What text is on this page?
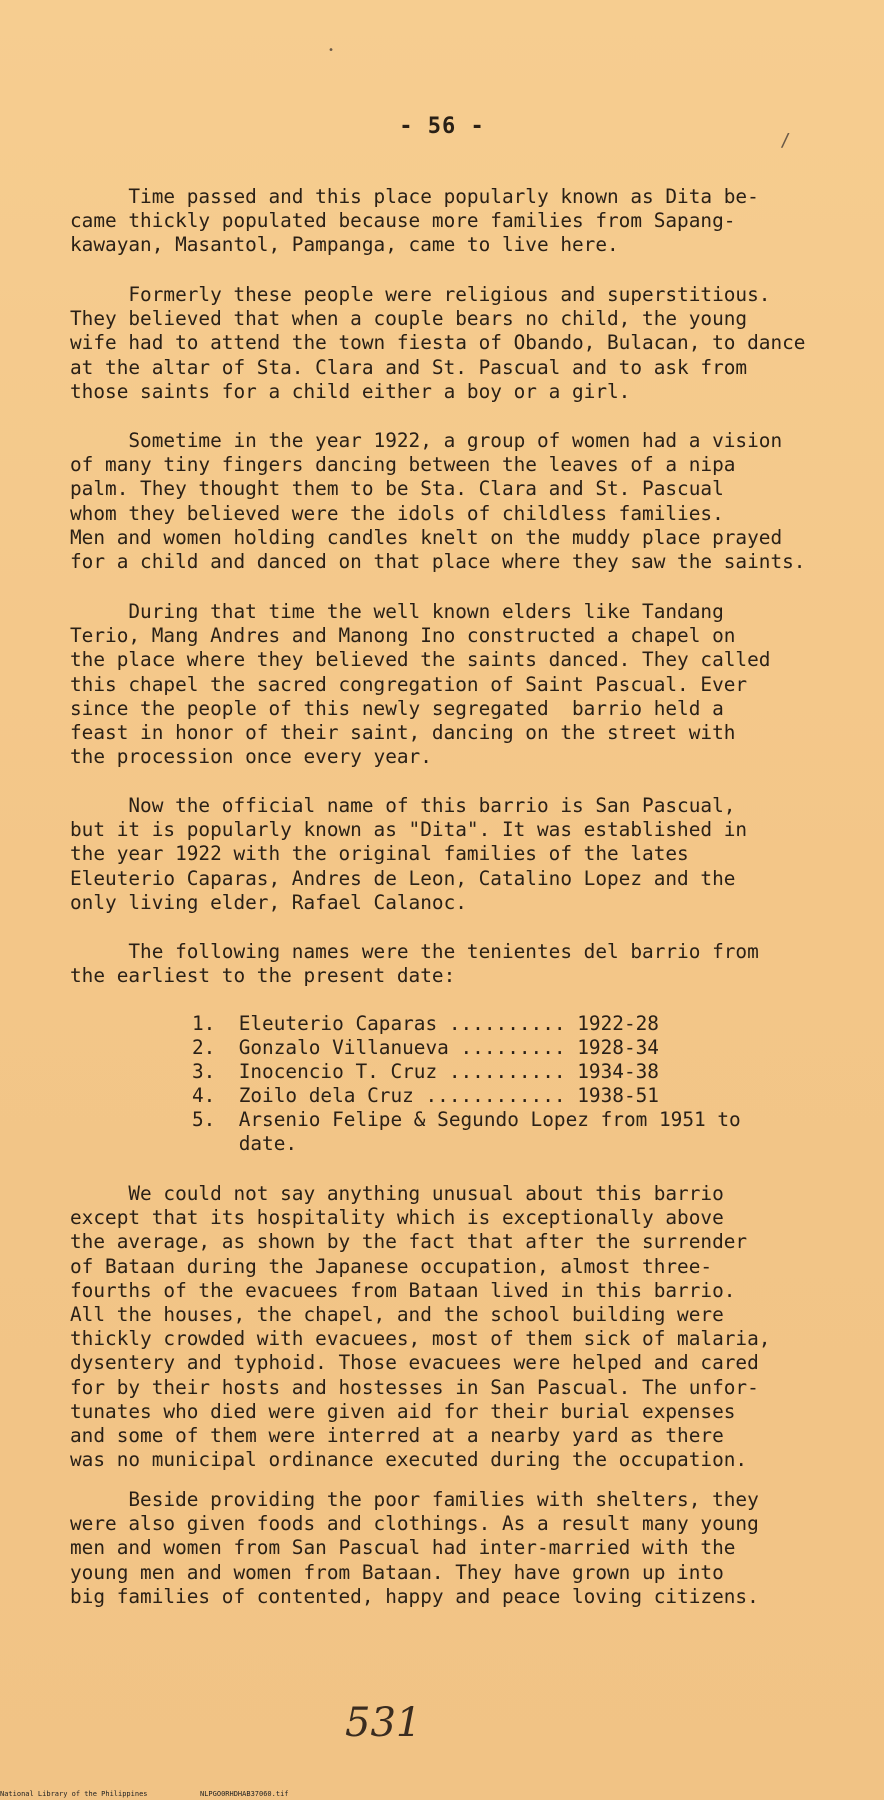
- 56 -

Time passed and this place popularly known as Dita be-
came thickly populated because more families from Sapang-
kawayan, Masantol, Pampanga, came to live here.

Formerly these people were religious and superstitious.
They believed that when a couple bears no child, the young
wife had to attend the town fiesta of Obando, Bulacan, to dance
at the altar of Sta. Clara and St. Pascual and to ask from
those saints for a child either a boy or a girl.

Sometime in the year 1922, a group of women had a vision
of many tiny fingers dancing between the leaves of a nipa
palm. They thought them to be Sta. Clara and St. Pascual
whom they believed were the idols of childless families.
Men and women holding candles knelt on the muddy place prayed
for a child and danced on that place where they saw the saints.

During that time the well known elders like Tandang
Terio, Mang Andres and Manong Ino constructed a chapel on
the place where they believed the saints danced. They called
this chapel the sacred congregation of Saint Pascual. Ever
since the people of this newly segregated  barrio held a
feast in honor of their saint, dancing on the street with
the procession once every year.

Now the official name of this barrio is San Pascual,
but it is popularly known as "Dita". It was established in
the year 1922 with the original families of the lates
Eleuterio Caparas, Andres de Leon, Catalino Lopez and the
only living elder, Rafael Calanoc.

The following names were the tenientes del barrio from
the earliest to the present date:

1.  Eleuterio Caparas .......... 1922-28

2.  Gonzalo Villanueva ......... 1928-34

3.  Inocencio T. Cruz .......... 1934-38

4.  Zoilo dela Cruz ............ 1938-51

5.  Arsenio Felipe & Segundo Lopez from 1951 to
date.

We could not say anything unusual about this barrio
except that its hospitality which is exceptionally above
the average, as shown by the fact that after the surrender
of Bataan during the Japanese occupation, almost three-
fourths of the evacuees from Bataan lived in this barrio.
All the houses, the chapel, and the school building were
thickly crowded with evacuees, most of them sick of malaria,
dysentery and typhoid. Those evacuees were helped and cared
for by their hosts and hostesses in San Pascual. The unfor-
tunates who died were given aid for their burial expenses
and some of them were interred at a nearby yard as there
was no municipal ordinance executed during the occupation.

Beside providing the poor families with shelters, they
were also given foods and clothings. As a result many young
men and women from San Pascual had inter-married with the
young men and women from Bataan. They have grown up into
big families of contented, happy and peace loving citizens.

531
•
/
National Library of the Philippines	NLPGO0RHDHAB37060.tif
